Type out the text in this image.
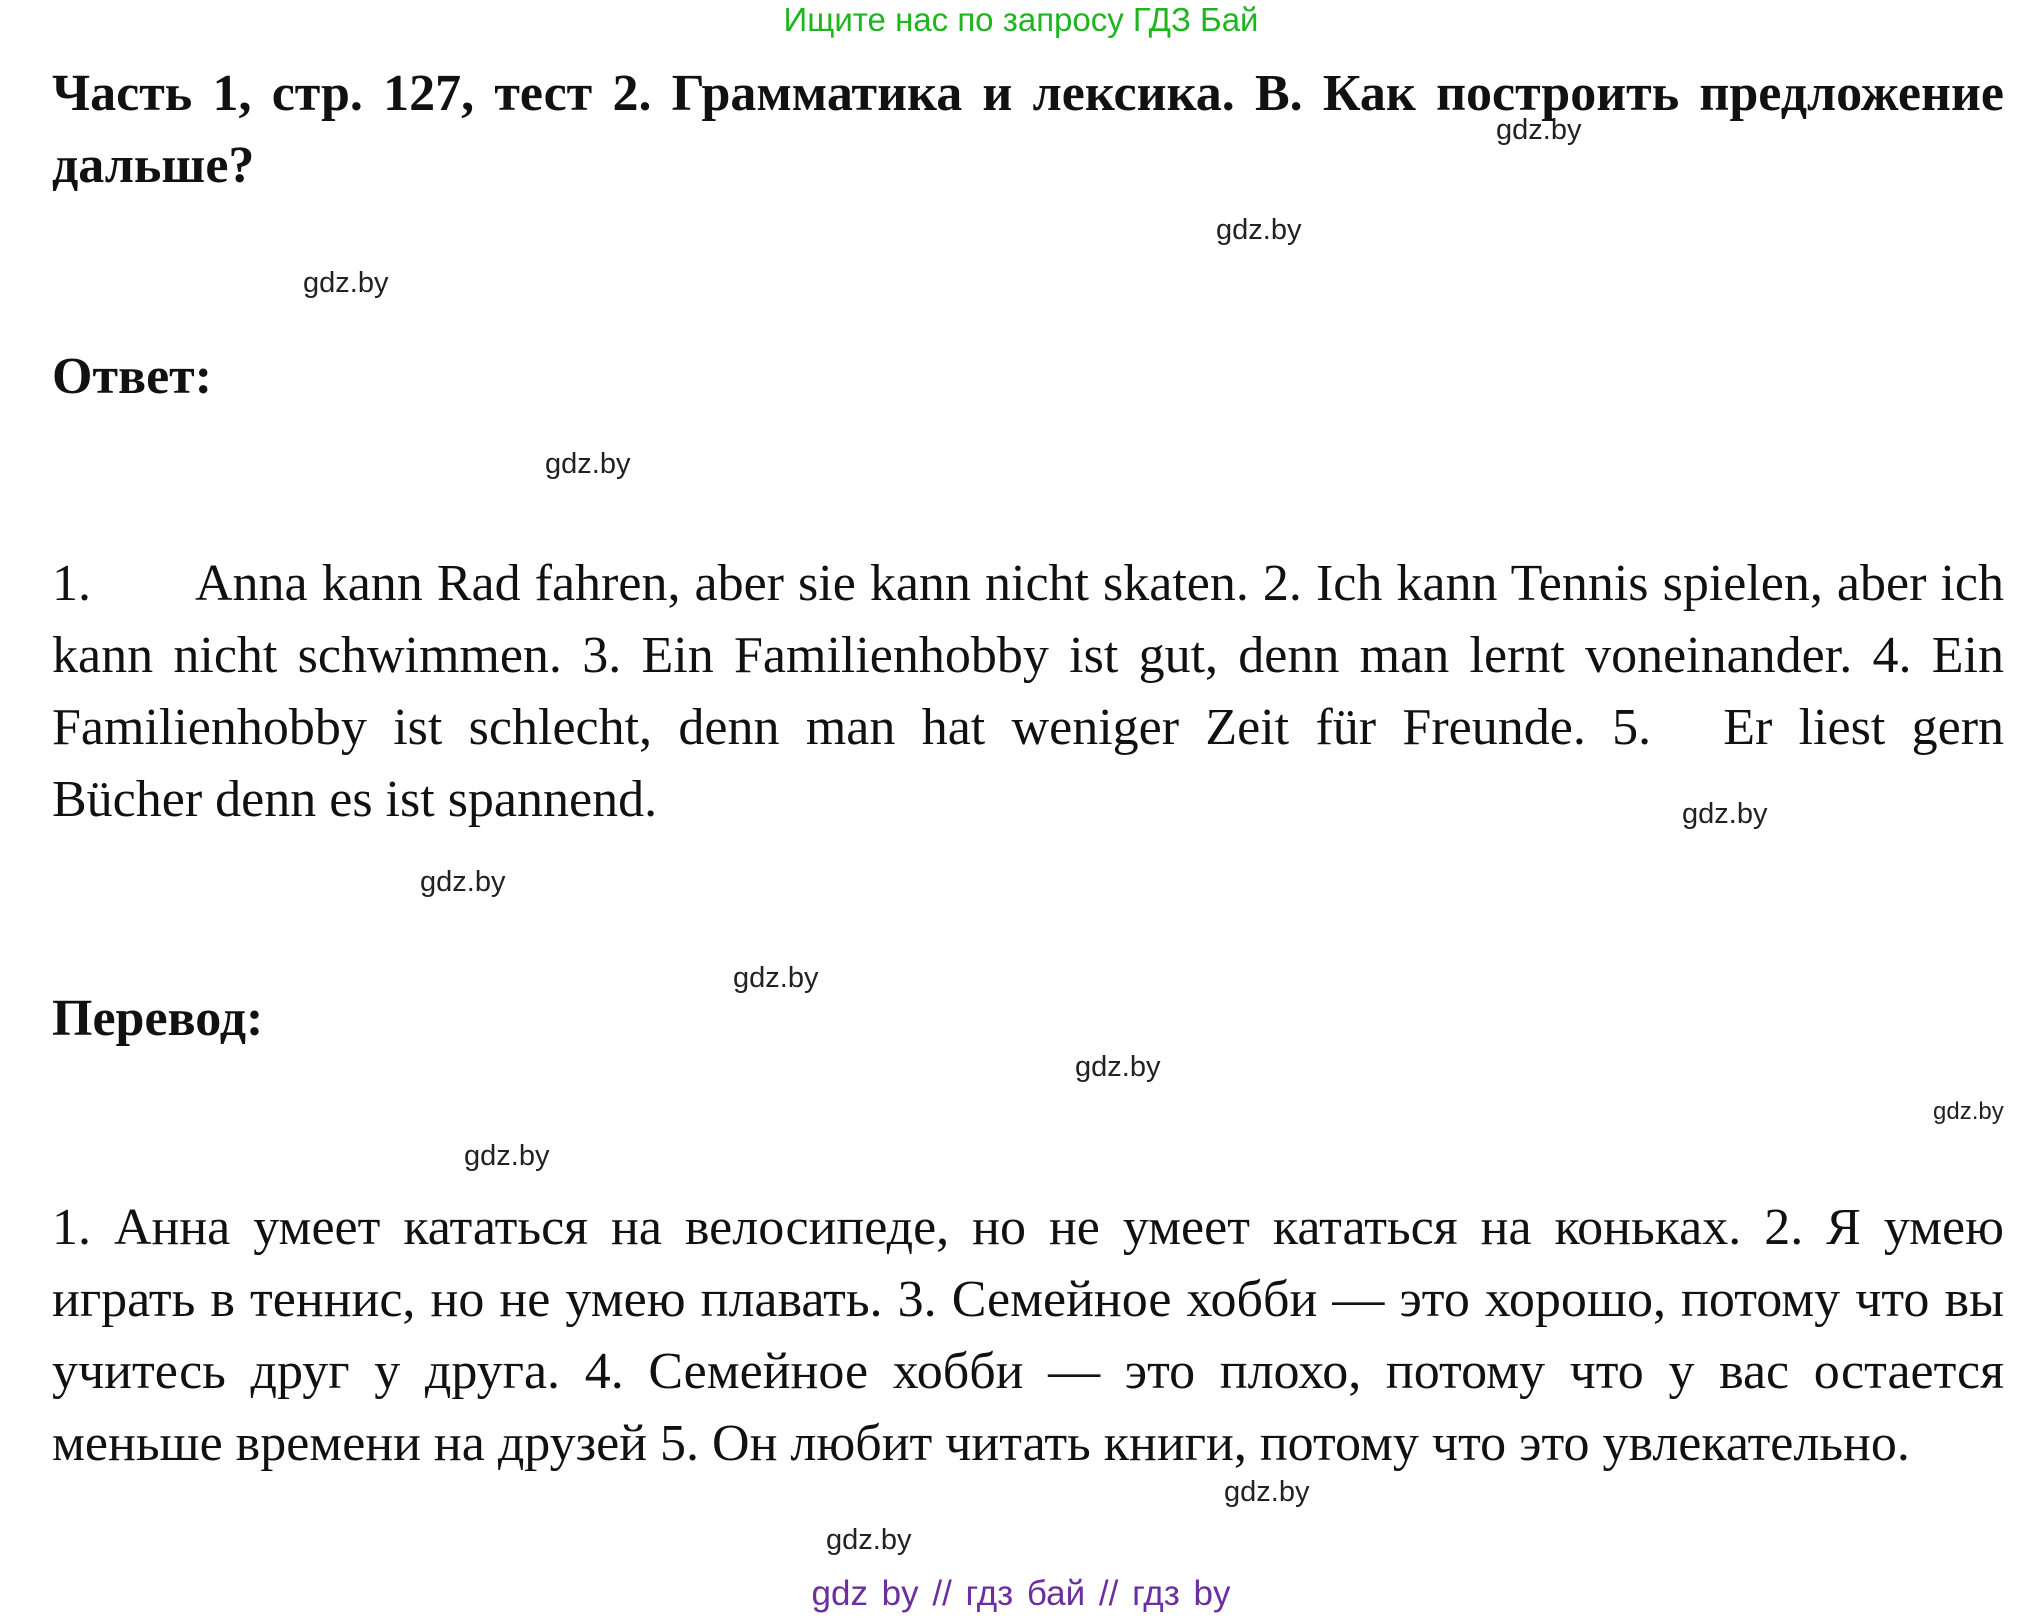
Ищите нас по запросу ГДЗ Бай
Часть 1, стр. 127, тест 2. Грамматика и лексика. B. Как построить предложение дальше?
Ответ:

1. Anna kann Rad fahren, aber sie kann nicht skaten. 2. Ich kann Tennis spielen, aber ich kann nicht schwimmen. 3. Ein Familienhobby ist gut, denn man lernt voneinander. 4. Ein Familienhobby ist schlecht, denn man hat weniger Zeit für Freunde. 5. Er liest gern Bücher denn es ist spannend.

Перевод:

1. Анна умеет кататься на велосипеде, но не умеет кататься на коньках. 2. Я умею играть в теннис, но не умею плавать. 3. Семейное хобби — это хорошо, потому что вы учитесь друг у друга. 4. Семейное хобби — это плохо, потому что у вас остается меньше времени на друзей 5. Он любит читать книги, потому что это увлекательно.

gdz.by
gdz.by
gdz.by
gdz.by
gdz.by
gdz.by
gdz.by
gdz.by
gdz.by
gdz.by
gdz.by
gdz.by
gdz by // гдз бай // гдз by
